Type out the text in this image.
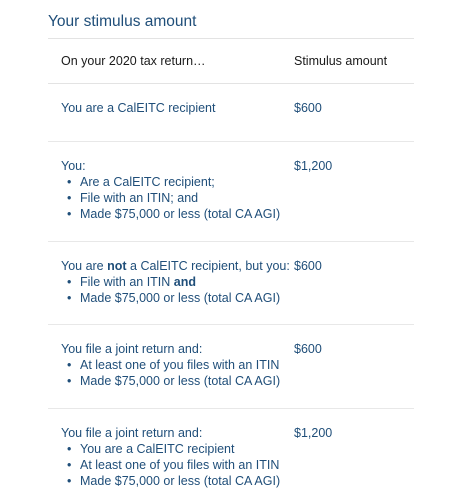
Your stimulus amount
On your 2020 tax return…	Stimulus amount
You are a CalEITC recipient	$600
You:
• Are a CalEITC recipient;
• File with an ITIN; and
• Made $75,000 or less (total CA AGI)
$1,200
You are not a CalEITC recipient, but you:
• File with an ITIN and
• Made $75,000 or less (total CA AGI)
$600
You file a joint return and:
• At least one of you files with an ITIN
• Made $75,000 or less (total CA AGI)
$600
You file a joint return and:
• You are a CalEITC recipient
• At least one of you files with an ITIN
• Made $75,000 or less (total CA AGI)
$1,200
